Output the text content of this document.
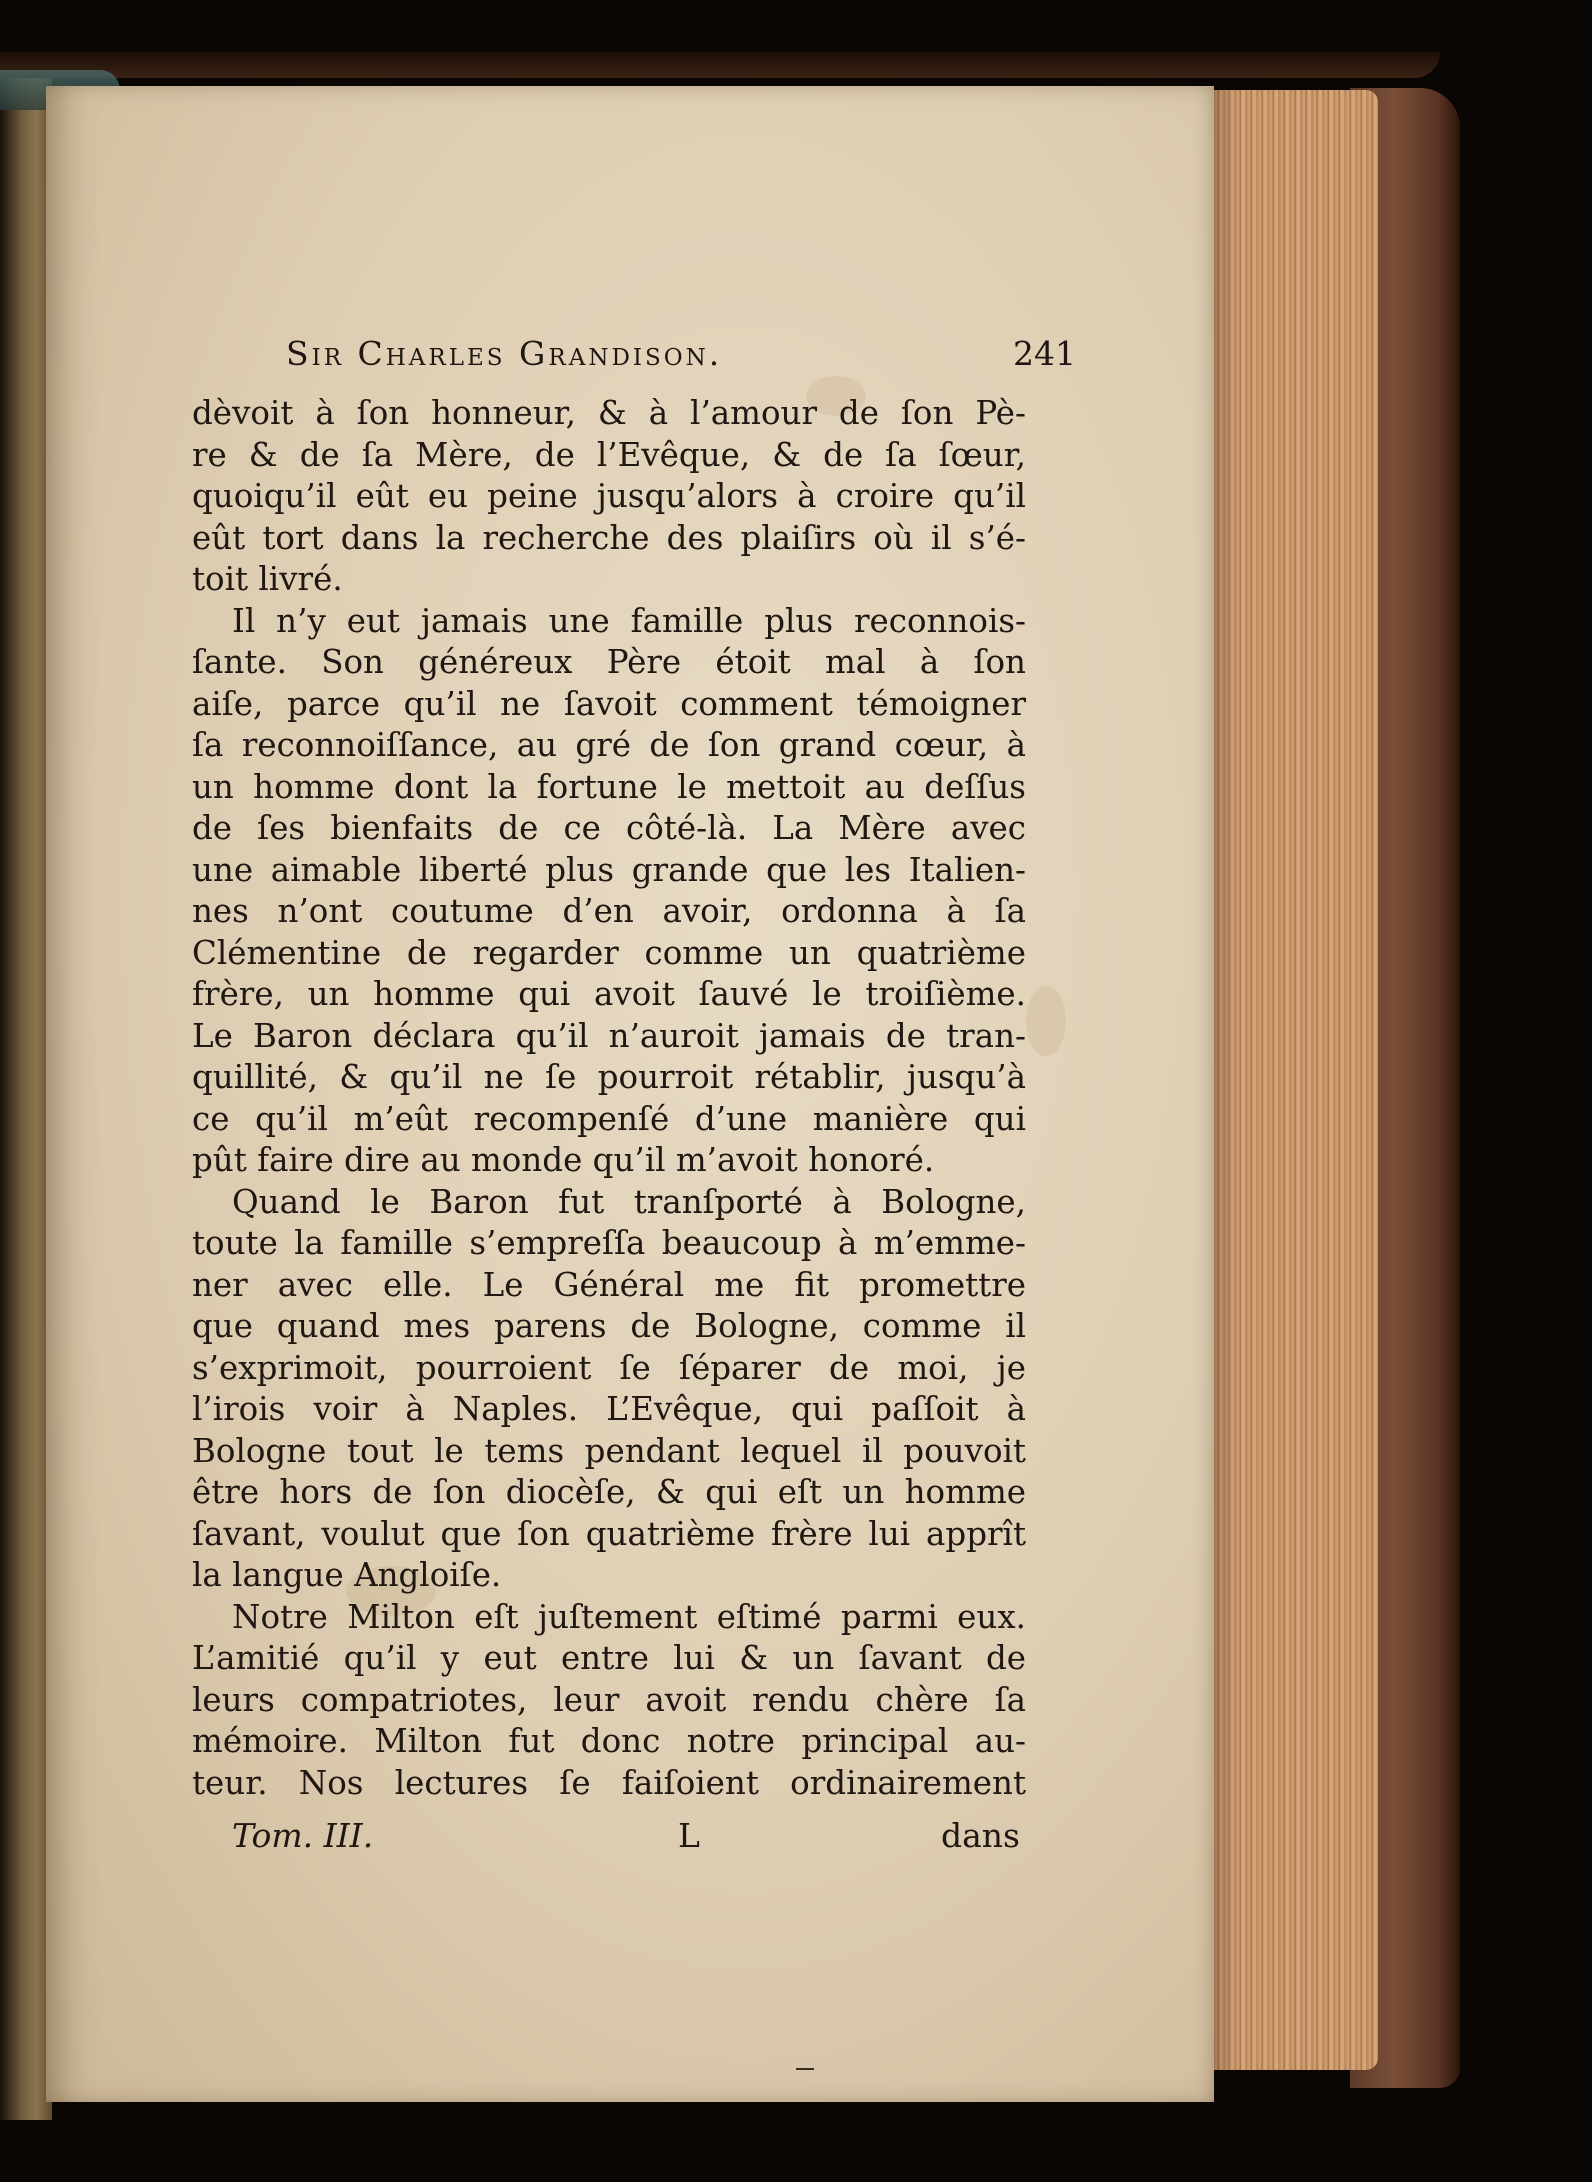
Sir Charles Grandison.	241
dèvoit à ſon honneur, & à l’amour de ſon Pè-
re & de ſa Mère, de l’Evêque, & de ſa ſœur,
quoiqu’il eût eu peine jusqu’alors à croire qu’il
eût tort dans la recherche des plaiſirs où il s’é-
toit livré.
Il n’y eut jamais une famille plus reconnois-
ſante. Son généreux Père étoit mal à ſon
aiſe, parce qu’il ne ſavoit comment témoigner
ſa reconnoiſſance, au gré de ſon grand cœur, à
un homme dont la fortune le mettoit au deſſus
de ſes bienfaits de ce côté-là. La Mère avec
une aimable liberté plus grande que les Italien-
nes n’ont coutume d’en avoir, ordonna à ſa
Clémentine de regarder comme un quatrième
frère, un homme qui avoit ſauvé le troiſième.
Le Baron déclara qu’il n’auroit jamais de tran-
quillité, & qu’il ne ſe pourroit rétablir, jusqu’à
ce qu’il m’eût recompenſé d’une manière qui
pût faire dire au monde qu’il m’avoit honoré.
Quand le Baron fut tranſporté à Bologne,
toute la famille s’empreſſa beaucoup à m’emme-
ner avec elle. Le Général me fit promettre
que quand mes parens de Bologne, comme il
s’exprimoit, pourroient ſe ſéparer de moi, je
l’irois voir à Naples. L’Evêque, qui paſſoit à
Bologne tout le tems pendant lequel il pouvoit
être hors de ſon diocèſe, & qui eſt un homme
ſavant, voulut que ſon quatrième frère lui apprît
la langue Angloiſe.
Notre Milton eſt juſtement eſtimé parmi eux.
L’amitié qu’il y eut entre lui & un ſavant de
leurs compatriotes, leur avoit rendu chère ſa
mémoire. Milton fut donc notre principal au-
teur. Nos lectures ſe faiſoient ordinairement
Tom. III.	L	dans
